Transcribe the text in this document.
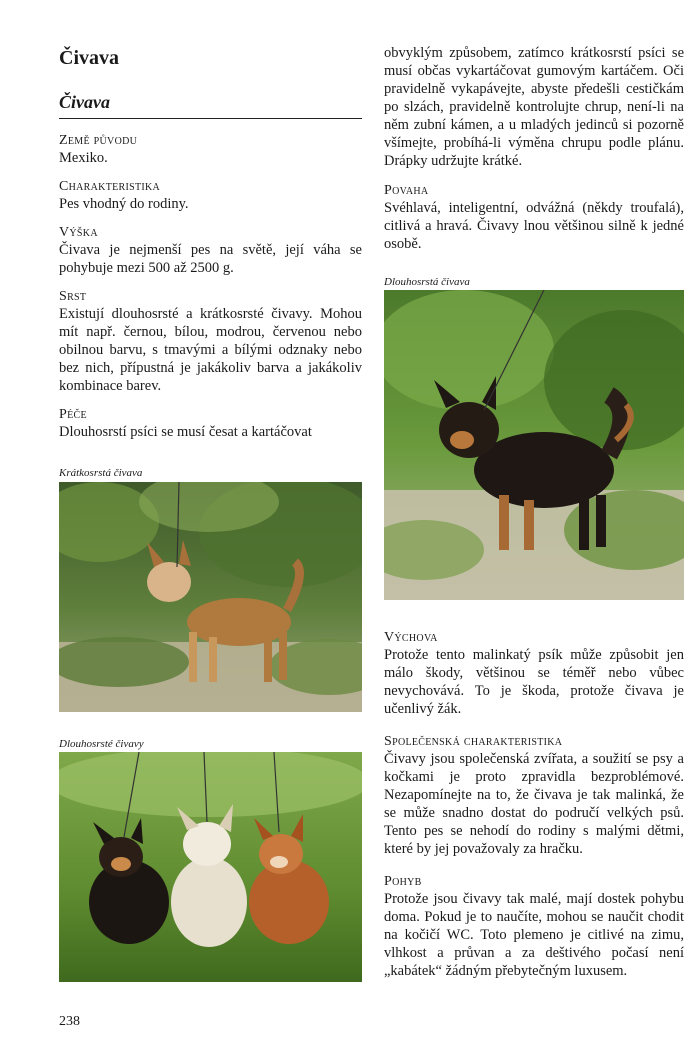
Čivava
Čivava
Země původu
Mexiko.
Charakteristika
Pes vhodný do rodiny.
Výška
Čivava je nejmenší pes na světě, její váha se pohybuje mezi 500 až 2500 g.
Srst
Existují dlouhosrsté a krátkosrsté čivavy. Mohou mít např. černou, bílou, modrou, červenou nebo obilnou barvu, s tmavými a bílými odznaky nebo bez nich, přípustná je jakákoliv barva a jakákoliv kombinace barev.
Péče
Dlouhosrstí psíci se musí česat a kartáčovat
Krátkosrstá čivava
Dlouhosrsté čivavy
obvyklým způsobem, zatímco krátkosrstí psíci se musí občas vykartáčovat gumovým kartáčem. Oči pravidelně vykapávejte, abyste předešli cestičkám po slzách, pravidelně kontrolujte chrup, není-li na něm zubní kámen, a u mladých jedinců si pozorně všímejte, probíhá-li výměna chrupu podle plánu. Drápky udržujte krátké.
Povaha
Svéhlavá, inteligentní, odvážná (někdy troufalá), citlivá a hravá. Čivavy lnou většinou silně k jedné osobě.
Dlouhosrstá čivava
Výchova
Protože tento malinkatý psík může způsobit jen málo škody, většinou se téměř nebo vůbec nevychovává. To je škoda, protože čivava je učenlivý žák.
Společenská charakteristika
Čivavy jsou společenská zvířata, a soužití se psy a kočkami je proto zpravidla bezproblémové. Nezapomínejte na to, že čivava je tak malinká, že se může snadno dostat do područí velkých psů. Tento pes se nehodí do rodiny s malými dětmi, které by jej považovaly za hračku.
Pohyb
Protože jsou čivavy tak malé, mají dostek pohybu doma. Pokud je to naučíte, mohou se naučit chodit na kočičí WC. Toto plemeno je citlivé na zimu, vlhkost a průvan a za deštivého počasí není „kabátek“ žádným přebytečným luxusem.
238
